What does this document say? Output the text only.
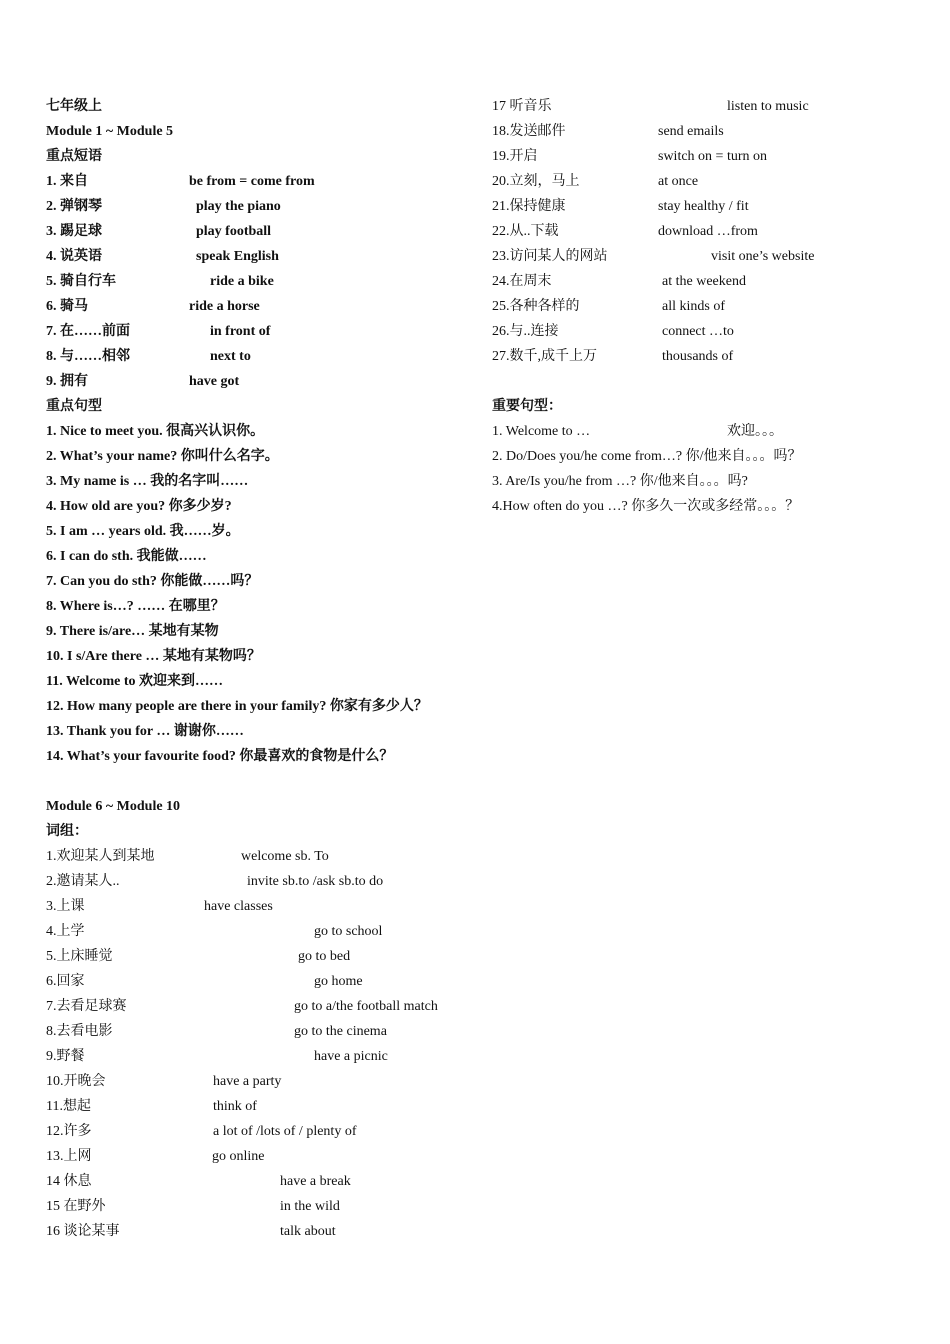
七年级上
Module 1 ~ Module 5
重点短语
1. 来自	be from = come from
2. 弹钢琴	play the piano
3. 踢足球	play football
4. 说英语	speak English
5. 骑自行车	ride a bike
6. 骑马	ride a horse
7. 在……前面	in front of
8. 与……相邻	next to
9. 拥有	have got
重点句型
1. Nice to meet you. 很高兴认识你。
2. What’s your name? 你叫什么名字。
3. My name is … 我的名字叫……
4. How old are you? 你多少岁?
5. I am … years old. 我……岁。
6. I can do sth. 我能做……
7. Can you do sth? 你能做……吗？
8. Where is…? …… 在哪里？
9. There is/are… 某地有某物
10. I s/Are there … 某地有某物吗？
11. Welcome to 欢迎来到……
12. How many people are there in your family? 你家有多少人？
13. Thank you for … 谢谢你……
14. What’s your favourite food? 你最喜欢的食物是什么？
Module 6 ~ Module 10
词组：
1.欢迎某人到某地	welcome sb. To
2.邀请某人..	invite sb.to /ask sb.to do
3.上课	have classes
4.上学	go to school
5.上床睡觉	go to bed
6.回家	go home
7.去看足球赛	go to a/the football match
8.去看电影	go to the cinema
9.野餐	have a picnic
10.开晚会	have a party
11.想起	think of
12.许多	a lot of /lots of / plenty of
13.上网	go online
14 休息	have a break
15 在野外	in the wild
16 谈论某事	talk about
17 听音乐	listen to music
18.发送邮件	send emails
19.开启	switch on = turn on
20.立刻，马上	at once
21.保持健康	stay healthy / fit
22.从..下载	download …from
23.访问某人的网站	visit one’s website
24.在周末	at the weekend
25.各种各样的	all kinds of
26.与..连接	connect …to
27.数千,成千上万	thousands of
重要句型：
1. Welcome to …	欢迎。。。
2. Do/Does you/he come from…? 你/他来自。。。吗？
3. Are/Is you/he from …? 你/他来自。。。吗?
4.How often do you …? 你多久一次或多经常。。。？
